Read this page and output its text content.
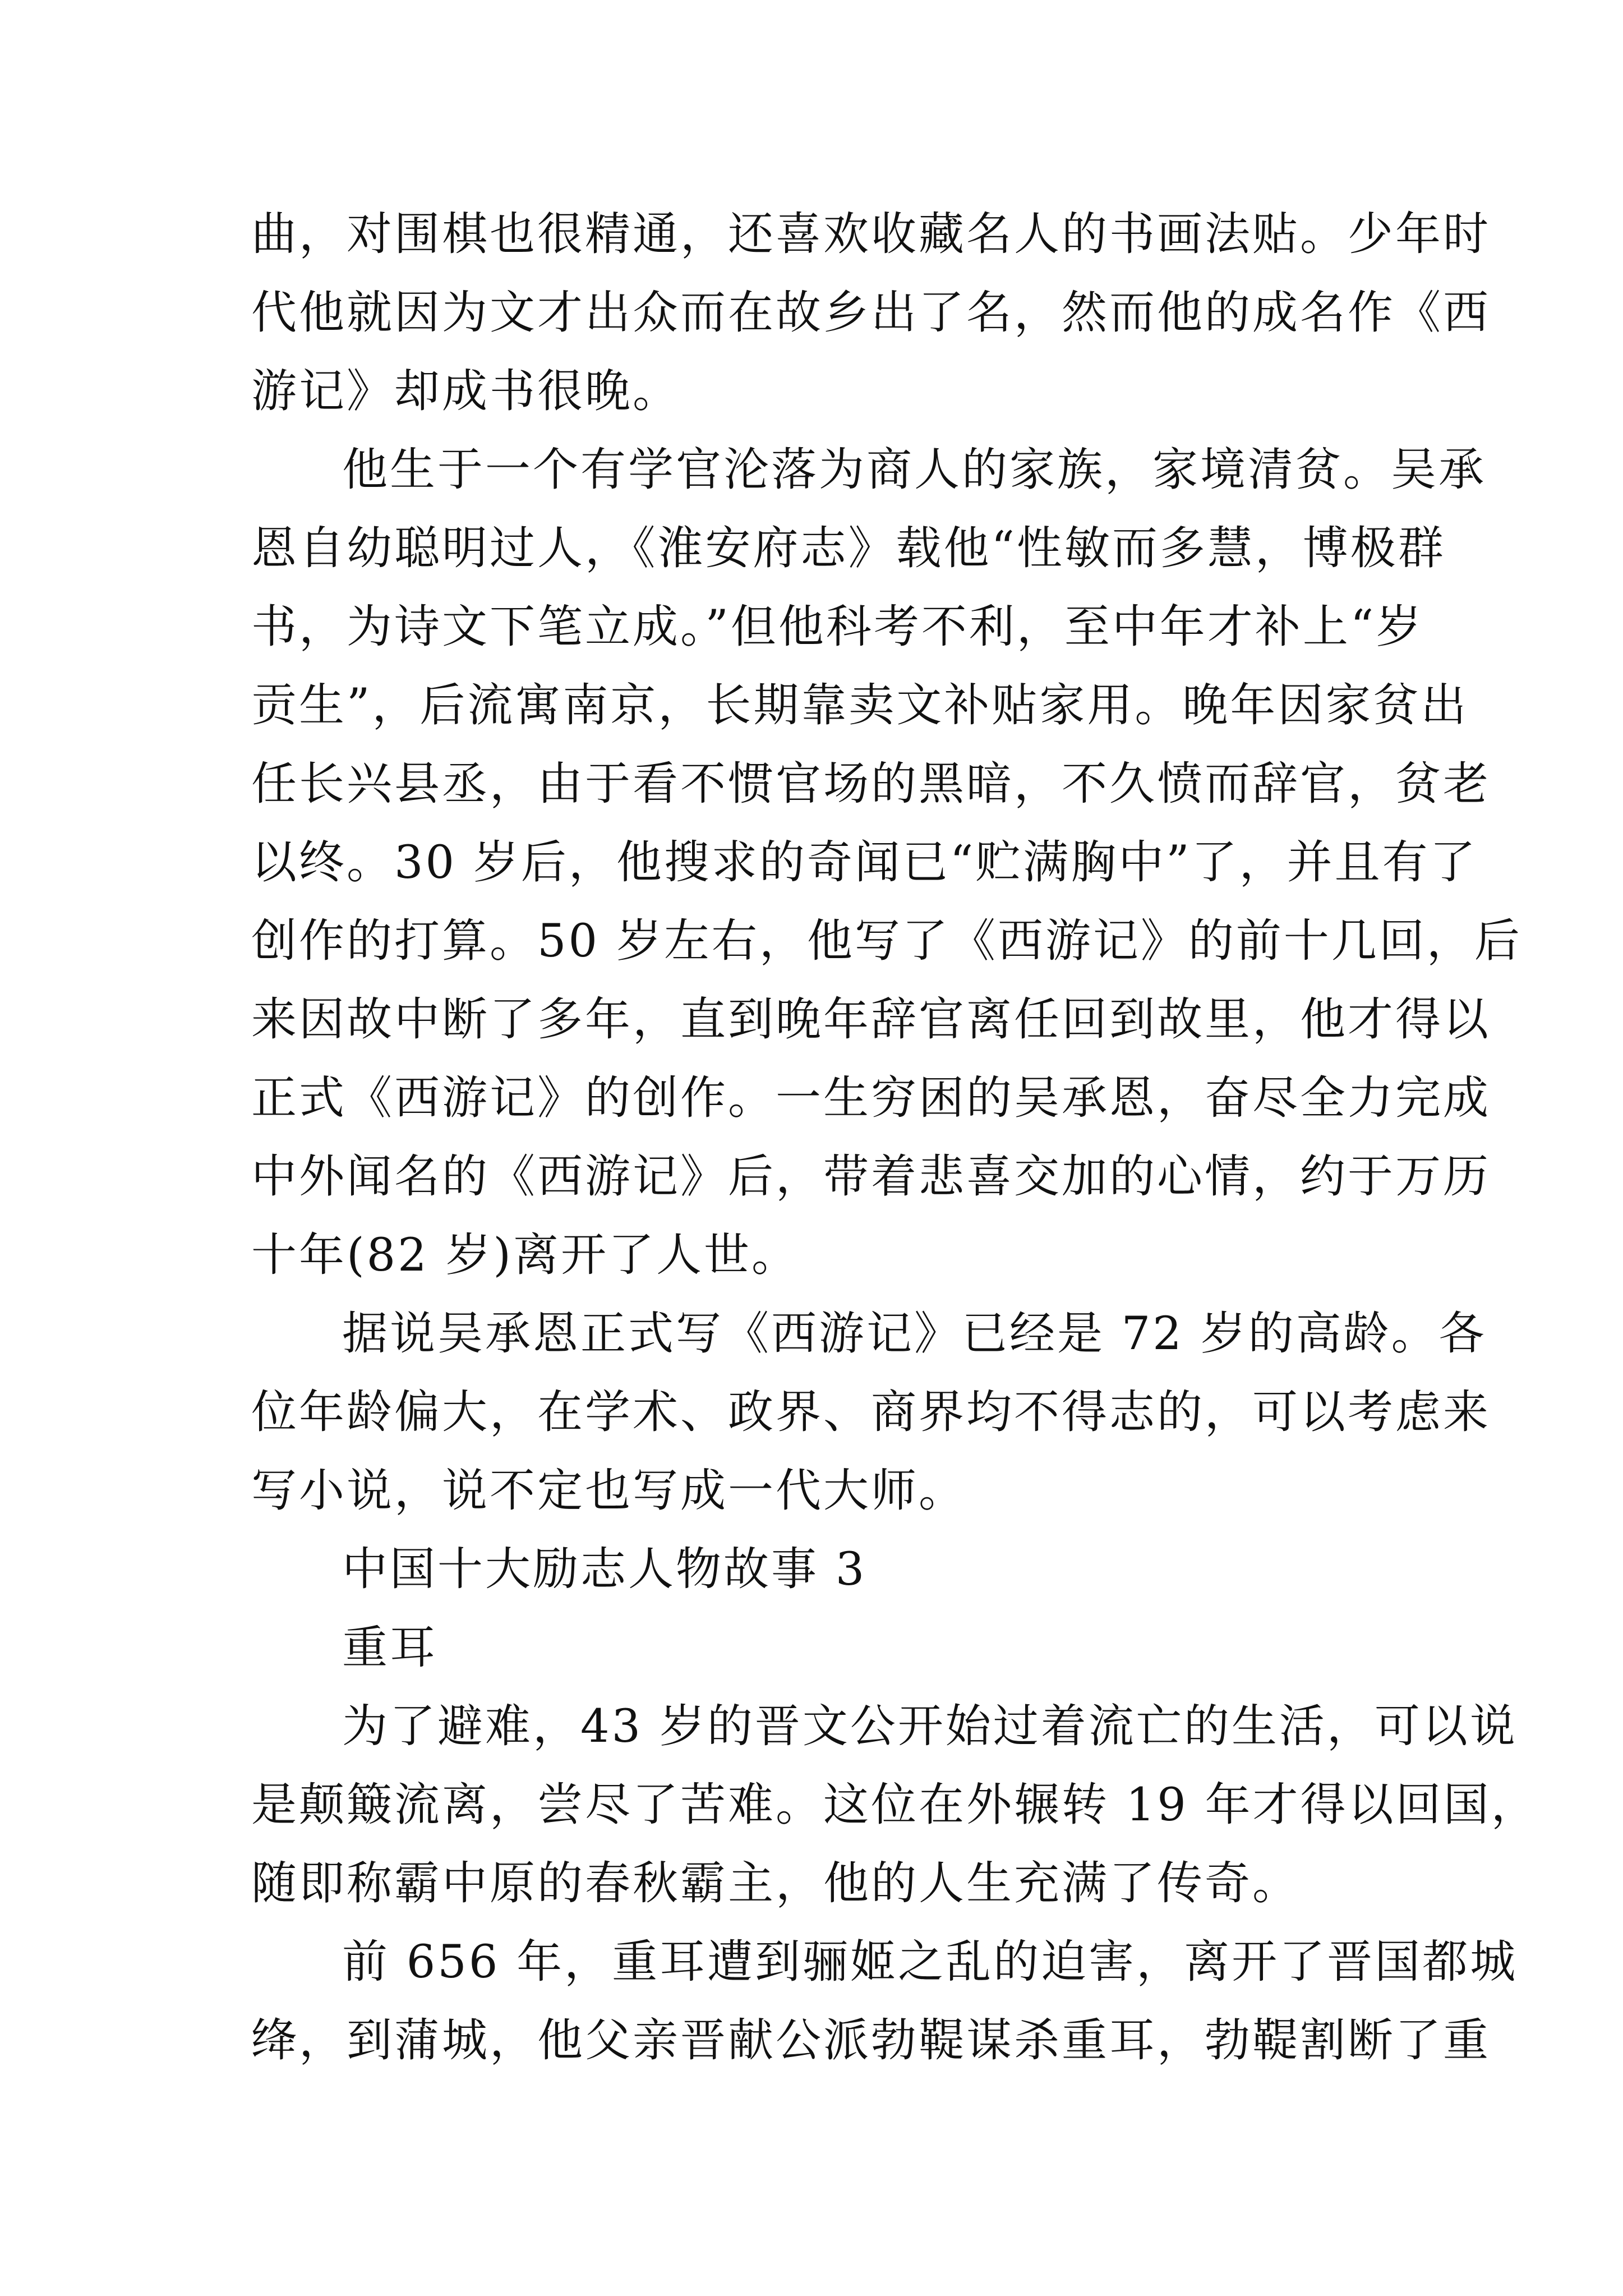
曲，对围棋也很精通，还喜欢收藏名人的书画法贴。少年时
代他就因为文才出众而在故乡出了名，然而他的成名作《西
游记》却成书很晚。
他生于一个有学官沦落为商人的家族，家境清贫。吴承
恩自幼聪明过人，《淮安府志》载他“性敏而多慧，博极群
书，为诗文下笔立成。”但他科考不利，至中年才补上“岁
贡生”，后流寓南京，长期靠卖文补贴家用。晚年因家贫出
任长兴县丞，由于看不惯官场的黑暗，不久愤而辞官，贫老
以终。30 岁后，他搜求的奇闻已“贮满胸中”了，并且有了
创作的打算。50 岁左右，他写了《西游记》的前十几回，后
来因故中断了多年，直到晚年辞官离任回到故里，他才得以
正式《西游记》的创作。一生穷困的吴承恩，奋尽全力完成
中外闻名的《西游记》后，带着悲喜交加的心情，约于万历
十年(82 岁)离开了人世。
据说吴承恩正式写《西游记》已经是 72 岁的高龄。各
位年龄偏大，在学术、政界、商界均不得志的，可以考虑来
写小说，说不定也写成一代大师。
中国十大励志人物故事 3
重耳
为了避难，43 岁的晋文公开始过着流亡的生活，可以说
是颠簸流离，尝尽了苦难。这位在外辗转 19 年才得以回国，
随即称霸中原的春秋霸主，他的人生充满了传奇。
前 656 年，重耳遭到骊姬之乱的迫害，离开了晋国都城
绛，到蒲城，他父亲晋献公派勃鞮谋杀重耳，勃鞮割断了重
